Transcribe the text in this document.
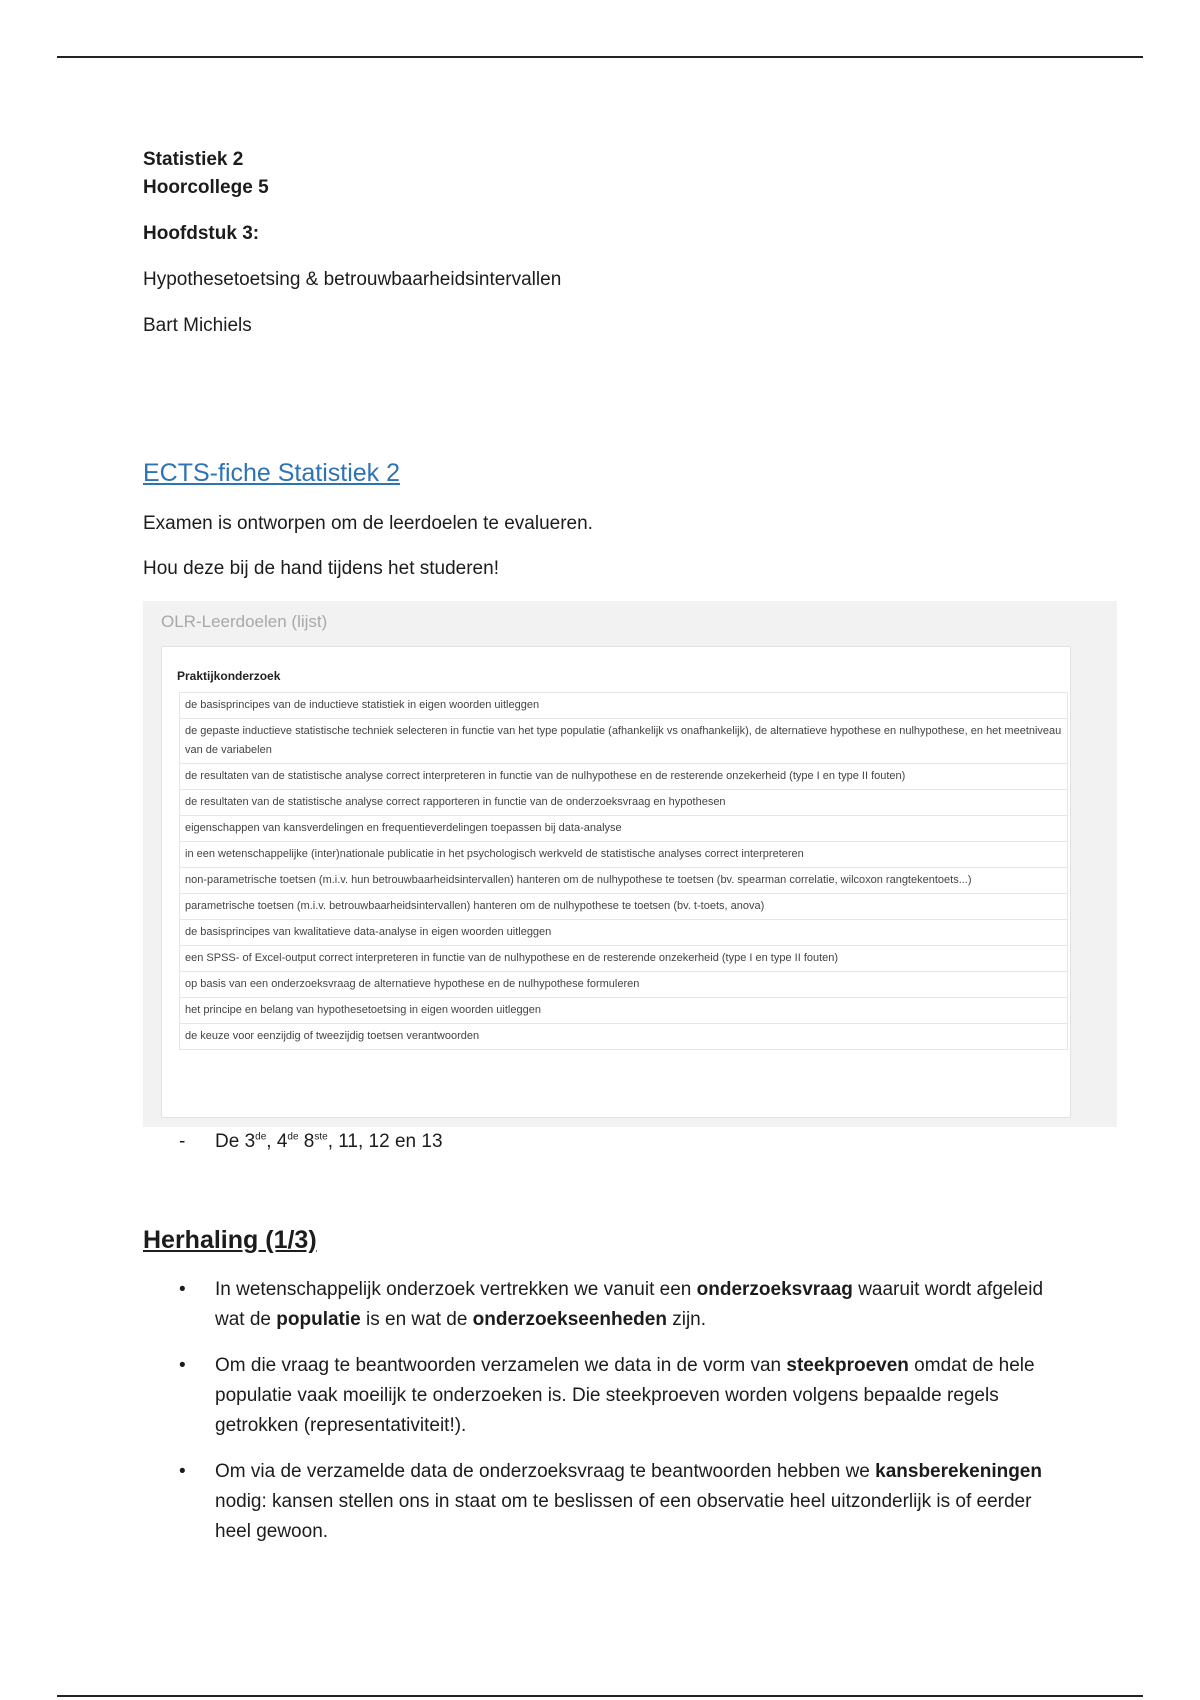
Statistiek 2

Hoorcollege 5

Hoofdstuk 3:

Hypothesetoetsing & betrouwbaarheidsintervallen

Bart Michiels

ECTS-fiche Statistiek 2

Examen is ontworpen om de leerdoelen te evalueren.

Hou deze bij de hand tijdens het studeren!

OLR-Leerdoelen (lijst)
Praktijkonderzoek
de basisprincipes van de inductieve statistiek in eigen woorden uitleggen
de gepaste inductieve statistische techniek selecteren in functie van het type populatie (afhankelijk vs onafhankelijk), de alternatieve hypothese en nulhypothese, en het meetniveau van de variabelen
de resultaten van de statistische analyse correct interpreteren in functie van de nulhypothese en de resterende onzekerheid (type I en type II fouten)
de resultaten van de statistische analyse correct rapporteren in functie van de onderzoeksvraag en hypothesen
eigenschappen van kansverdelingen en frequentieverdelingen toepassen bij data-analyse
in een wetenschappelijke (inter)nationale publicatie in het psychologisch werkveld de statistische analyses correct interpreteren
non-parametrische toetsen (m.i.v. hun betrouwbaarheidsintervallen) hanteren om de nulhypothese te toetsen (bv. spearman correlatie, wilcoxon rangtekentoets...)
parametrische toetsen (m.i.v. betrouwbaarheidsintervallen) hanteren om de nulhypothese te toetsen (bv. t-toets, anova)
de basisprincipes van kwalitatieve data-analyse in eigen woorden uitleggen
een SPSS- of Excel-output correct interpreteren in functie van de nulhypothese en de resterende onzekerheid (type I en type II fouten)
op basis van een onderzoeksvraag de alternatieve hypothese en de nulhypothese formuleren
het principe en belang van hypothesetoetsing in eigen woorden uitleggen
de keuze voor eenzijdig of tweezijdig toetsen verantwoorden
- De 3de, 4de 8ste, 11, 12 en 13
Herhaling (1/3)
• In wetenschappelijk onderzoek vertrekken we vanuit een onderzoeksvraag waaruit wordt afgeleid wat de populatie is en wat de onderzoekseenheden zijn.
• Om die vraag te beantwoorden verzamelen we data in de vorm van steekproeven omdat de hele populatie vaak moeilijk te onderzoeken is. Die steekproeven worden volgens bepaalde regels getrokken (representativiteit!).
• Om via de verzamelde data de onderzoeksvraag te beantwoorden hebben we kansberekeningen nodig: kansen stellen ons in staat om te beslissen of een observatie heel uitzonderlijk is of eerder heel gewoon.
